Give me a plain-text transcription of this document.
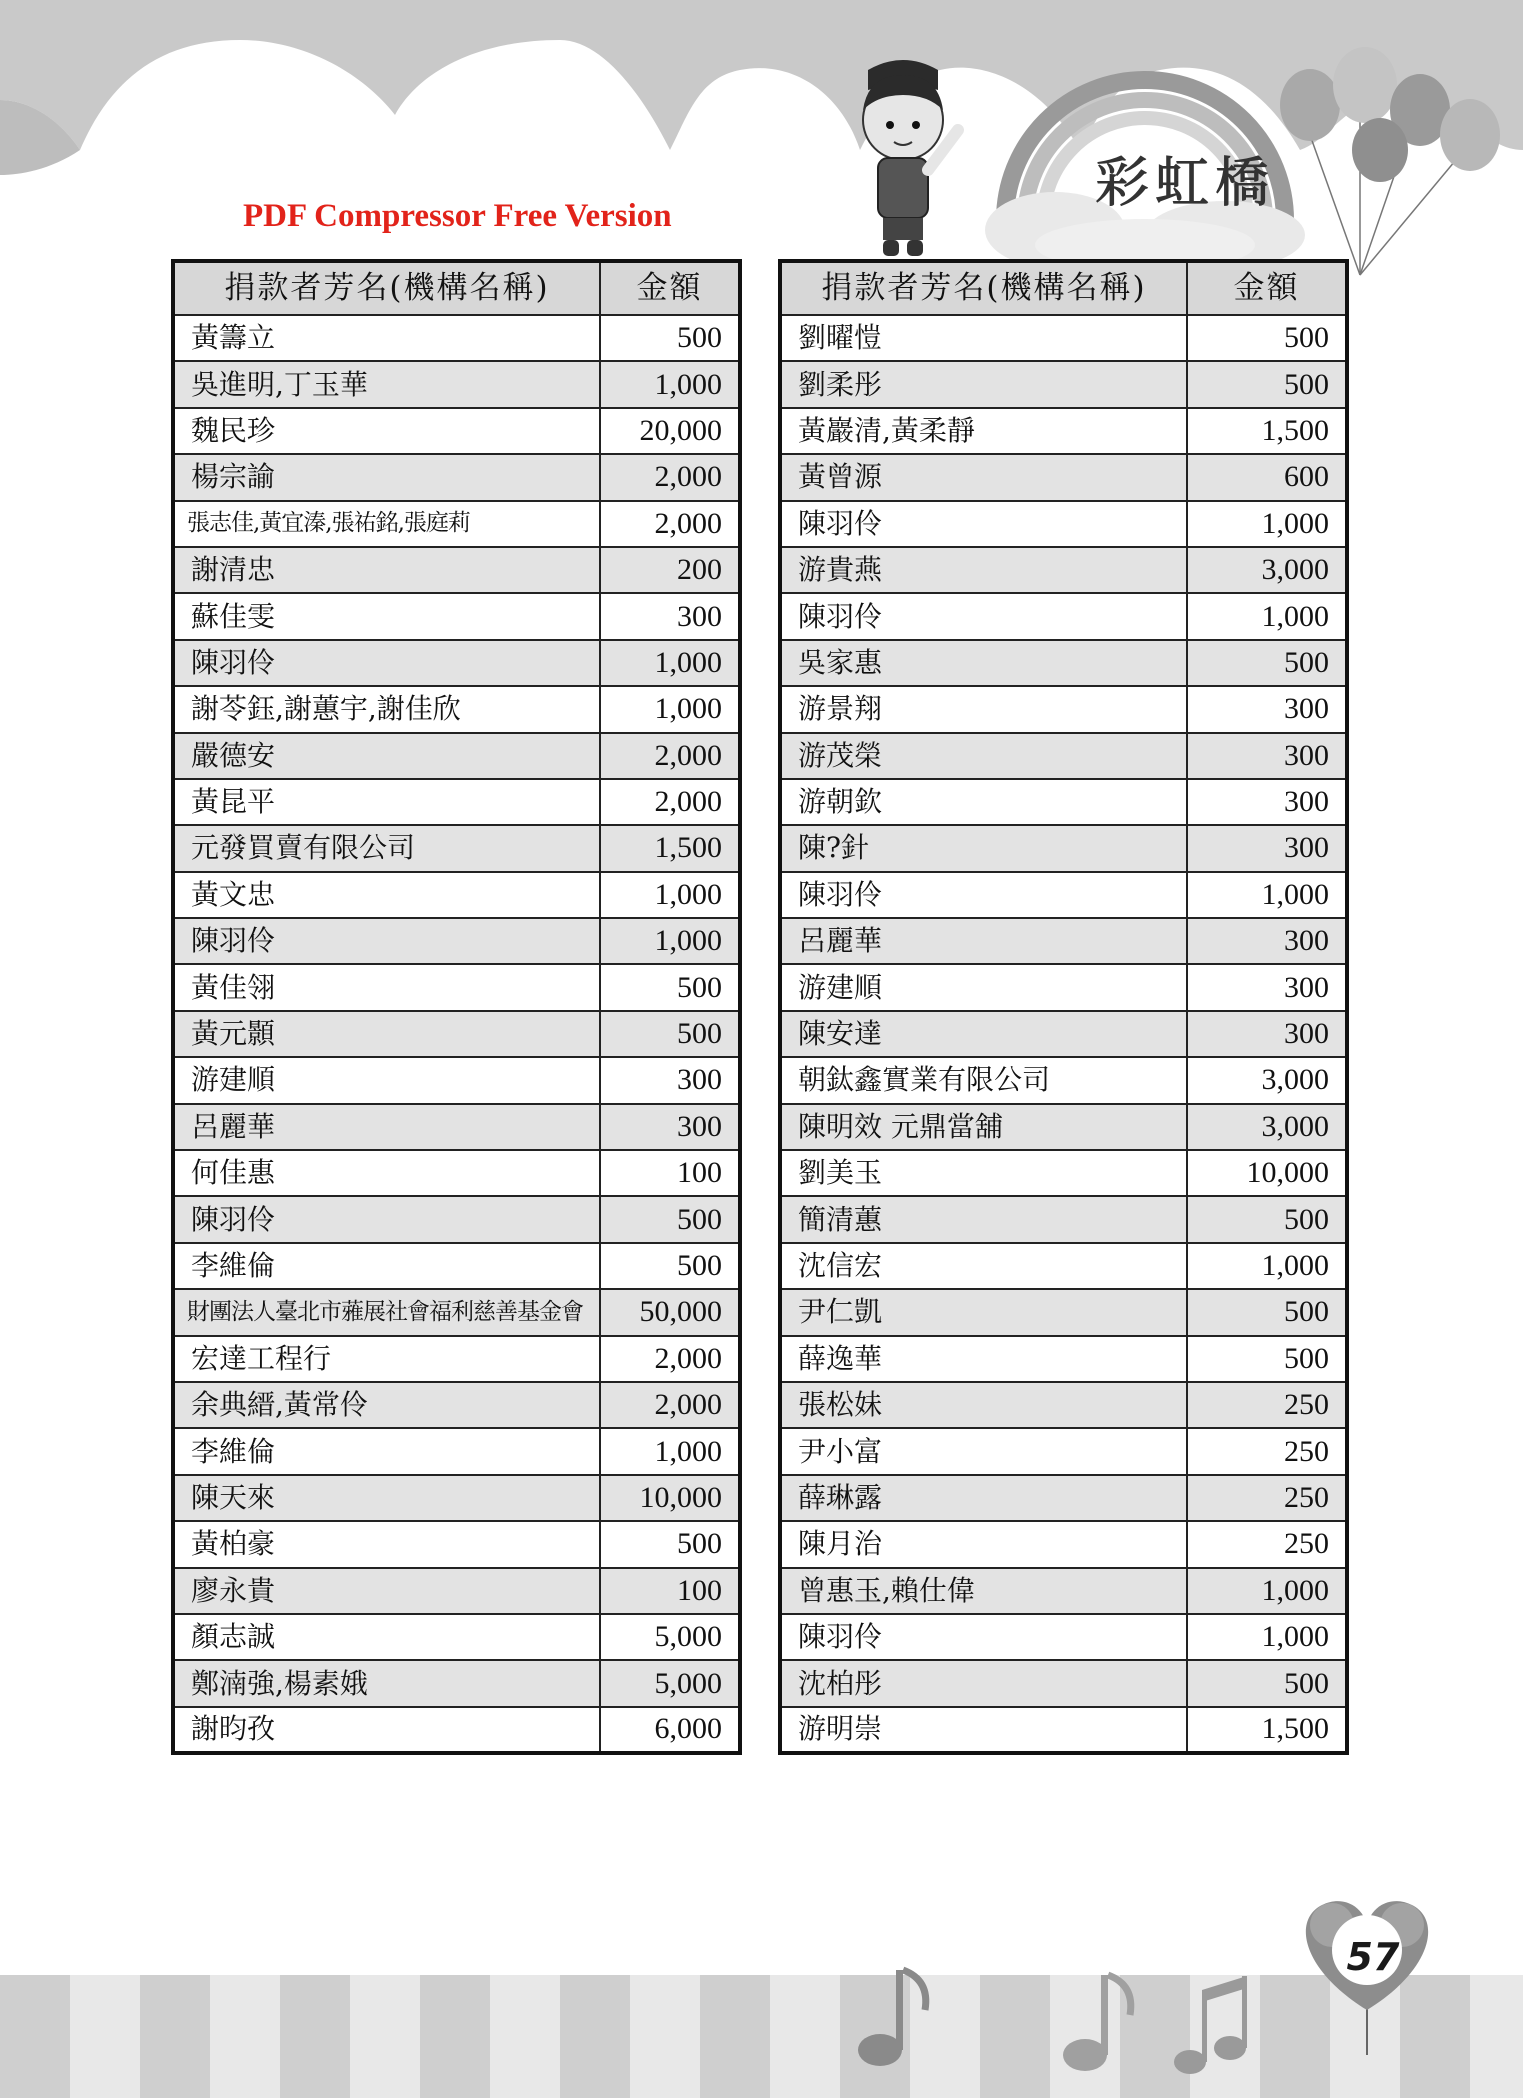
彩虹橋
PDF Compressor Free Version
捐款者芳名(機構名稱)	金額
黃籌立	500
吳進明,丁玉華	1,000
魏民珍	20,000
楊宗諭	2,000
張志佳,黃宜溱,張祐銘,張庭莉	2,000
謝清忠	200
蘇佳雯	300
陳羽伶	1,000
謝苓鈺,謝蕙宇,謝佳欣	1,000
嚴德安	2,000
黃昆平	2,000
元發買賣有限公司	1,500
黃文忠	1,000
陳羽伶	1,000
黃佳翎	500
黃元顥	500
游建順	300
呂麗華	300
何佳惠	100
陳羽伶	500
李維倫	500
財團法人臺北市蕥展社會福利慈善基金會	50,000
宏達工程行	2,000
余典縉,黃常伶	2,000
李維倫	1,000
陳天來	10,000
黃柏豪	500
廖永貴	100
顏志誠	5,000
鄭湳強,楊素娥	5,000
謝昀孜	6,000
捐款者芳名(機構名稱)	金額
劉曜愷	500
劉柔彤	500
黃巖清,黃柔靜	1,500
黃曾源	600
陳羽伶	1,000
游貴燕	3,000
陳羽伶	1,000
吳家惠	500
游景翔	300
游茂榮	300
游朝欽	300
陳?針	300
陳羽伶	1,000
呂麗華	300
游建順	300
陳安達	300
朝鈦鑫實業有限公司	3,000
陳明效 元鼎當舖	3,000
劉美玉	10,000
簡清蕙	500
沈信宏	1,000
尹仁凱	500
薛逸華	500
張松妹	250
尹小富	250
薛琳露	250
陳月治	250
曾惠玉,賴仕偉	1,000
陳羽伶	1,000
沈柏彤	500
游明崇	1,500
57
